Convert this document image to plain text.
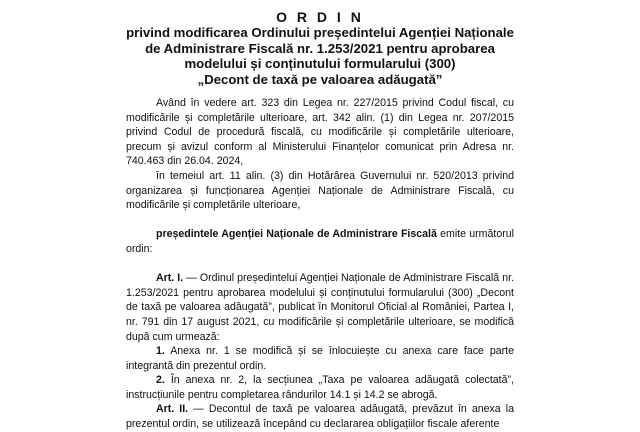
O R D I N
privind modificarea Ordinului președintelui Agenției Naționale
de Administrare Fiscală nr. 1.253/2021 pentru aprobarea
modelului și conținutului formularului (300)
„Decont de taxă pe valoarea adăugată”

Având în vedere art. 323 din Legea nr. 227/2015 privind Codul fiscal, cu modificările și completările ulterioare, art. 342 alin. (1) din Legea nr. 207/2015 privind Codul de procedură fiscală, cu modificările și completările ulterioare, precum și avizul conform al Ministerului Finanțelor comunicat prin Adresa nr. 740.463 din 26.04. 2024,

în temeiul art. 11 alin. (3) din Hotărârea Guvernului nr. 520/2013 privind organizarea și funcționarea Agenției Naționale de Administrare Fiscală, cu modificările și completările ulterioare,

președintele Agenției Naționale de Administrare Fiscală emite următorul ordin:

Art. I. — Ordinul președintelui Agenției Naționale de Administrare Fiscală nr. 1.253/2021 pentru aprobarea modelului și conținutului formularului (300) „Decont de taxă pe valoarea adăugată”, publicat în Monitorul Oficial al României, Partea I, nr. 791 din 17 august 2021, cu modificările și completările ulterioare, se modifică după cum urmează:

1. Anexa nr. 1 se modifică și se înlocuiește cu anexa care face parte integrantă din prezentul ordin.

2. În anexa nr. 2, la secțiunea „Taxa pe valoarea adăugată colectată”, instrucțiunile pentru completarea rândurilor 14.1 și 14.2 se abrogă.

Art. II. — Decontul de taxă pe valoarea adăugată, prevăzut în anexa la prezentul ordin, se utilizează începând cu declararea obligațiilor fiscale aferente
